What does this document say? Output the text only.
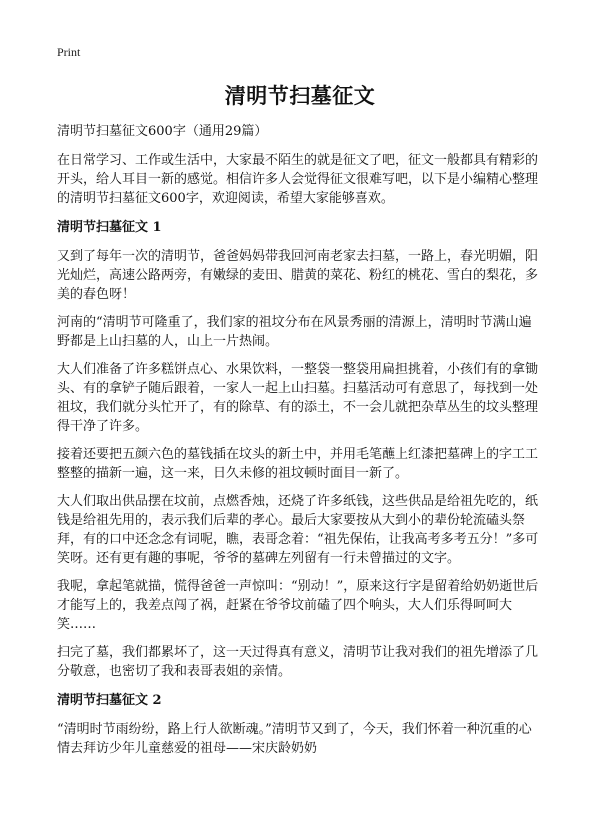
Print

清明节扫墓征文

清明节扫墓征文600字（通用29篇）

在日常学习、工作或生活中，大家最不陌生的就是征文了吧，征文一般都具有精彩的开头，给人耳目一新的感觉。相信许多人会觉得征文很难写吧，以下是小编精心整理的清明节扫墓征文600字，欢迎阅读，希望大家能够喜欢。

清明节扫墓征文 1

又到了每年一次的清明节，爸爸妈妈带我回河南老家去扫墓，一路上，春光明媚，阳光灿烂，高速公路两旁，有嫩绿的麦田、腊黄的菜花、粉红的桃花、雪白的梨花，多美的春色呀！

河南的“清明节可隆重了，我们家的祖坟分布在风景秀丽的清源上，清明时节满山遍野都是上山扫墓的人，山上一片热闹。

大人们准备了许多糕饼点心、水果饮料，一整袋一整袋用扁担挑着，小孩们有的拿锄头、有的拿铲子随后跟着，一家人一起上山扫墓。扫墓活动可有意思了，每找到一处祖坟，我们就分头忙开了，有的除草、有的添土，不一会儿就把杂草丛生的坟头整理得干净了许多。

接着还要把五颜六色的墓钱插在坟头的新土中，并用毛笔蘸上红漆把墓碑上的字工工整整的描新一遍，这一来，日久未修的祖坟顿时面目一新了。

大人们取出供品摆在坟前，点燃香烛，还烧了许多纸钱，这些供品是给祖先吃的，纸钱是给祖先用的，表示我们后辈的孝心。最后大家要按从大到小的辈份轮流磕头祭拜，有的口中还念念有词呢，瞧，表哥念着：“祖先保佑，让我高考多考五分！”多可笑呀。还有更有趣的事呢，爷爷的墓碑左列留有一行未曾描过的文字。

我呢，拿起笔就描，慌得爸爸一声惊叫：“别动！”，原来这行字是留着给奶奶逝世后才能写上的，我差点闯了祸，赶紧在爷爷坟前磕了四个响头，大人们乐得呵呵大笑……

扫完了墓，我们都累坏了，这一天过得真有意义，清明节让我对我们的祖先增添了几分敬意，也密切了我和表哥表姐的亲情。

清明节扫墓征文 2

“清明时节雨纷纷，路上行人欲断魂。”清明节又到了，今天，我们怀着一种沉重的心情去拜访少年儿童慈爱的祖母——宋庆龄奶奶
